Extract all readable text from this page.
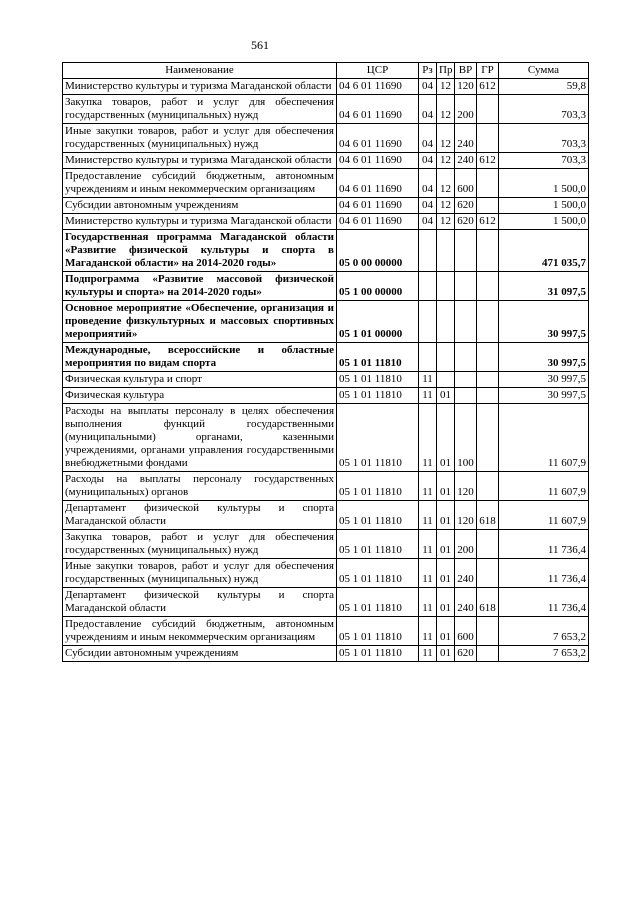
561
Наименование	ЦСР	Рз	Пр	ВР	ГР	Сумма
Министерство культуры и туризма Магаданской области	04 6 01 11690	04	12	120	612	59,8
Закупка товаров, работ и услуг для обеспечения государственных (муниципальных) нужд	04 6 01 11690	04	12	200		703,3
Иные закупки товаров, работ и услуг для обеспечения государственных (муниципальных) нужд	04 6 01 11690	04	12	240		703,3
Министерство культуры и туризма Магаданской области	04 6 01 11690	04	12	240	612	703,3
Предоставление субсидий бюджетным, автономным учреждениям и иным некоммерческим организациям	04 6 01 11690	04	12	600		1 500,0
Субсидии автономным учреждениям	04 6 01 11690	04	12	620		1 500,0
Министерство культуры и туризма Магаданской области	04 6 01 11690	04	12	620	612	1 500,0
Государственная программа Магаданской области «Развитие физической культуры и спорта в Магаданской области» на 2014-2020 годы»	05 0 00 00000					471 035,7
Подпрограмма «Развитие массовой физической культуры и спорта» на 2014-2020 годы»	05 1 00 00000					31 097,5
Основное мероприятие «Обеспечение, организация и проведение физкультурных и массовых спортивных мероприятий»	05 1 01 00000					30 997,5
Международные, всероссийские и областные мероприятия по видам спорта	05 1 01 11810					30 997,5
Физическая культура и спорт	05 1 01 11810	11				30 997,5
Физическая культура	05 1 01 11810	11	01			30 997,5
Расходы на выплаты персоналу в целях обеспечения выполнения функций государственными (муниципальными) органами, казенными учреждениями, органами управления государственными внебюджетными фондами	05 1 01 11810	11	01	100		11 607,9
Расходы на выплаты персоналу государственных (муниципальных) органов	05 1 01 11810	11	01	120		11 607,9
Департамент физической культуры и спорта Магаданской области	05 1 01 11810	11	01	120	618	11 607,9
Закупка товаров, работ и услуг для обеспечения государственных (муниципальных) нужд	05 1 01 11810	11	01	200		11 736,4
Иные закупки товаров, работ и услуг для обеспечения государственных (муниципальных) нужд	05 1 01 11810	11	01	240		11 736,4
Департамент физической культуры и спорта Магаданской области	05 1 01 11810	11	01	240	618	11 736,4
Предоставление субсидий бюджетным, автономным учреждениям и иным некоммерческим организациям	05 1 01 11810	11	01	600		7 653,2
Субсидии автономным учреждениям	05 1 01 11810	11	01	620		7 653,2
